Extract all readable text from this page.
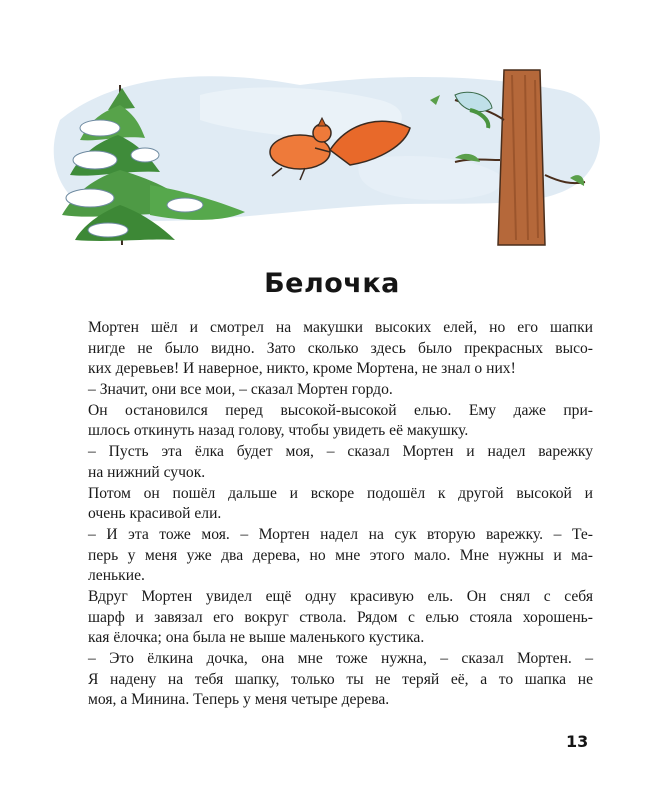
Белочка
Мортен шёл и смотрел на макушки высоких елей, но его шапки
нигде не было видно. Зато сколько здесь было прекрасных высо-
ких деревьев! И наверное, никто, кроме Мортена, не знал о них!
– Значит, они все мои, – сказал Мортен гордо.
Он остановился перед высокой-высокой елью. Ему даже при-
шлось откинуть назад голову, чтобы увидеть её макушку.
– Пусть эта ёлка будет моя, – сказал Мортен и надел варежку
на нижний сучок.
Потом он пошёл дальше и вскоре подошёл к другой высокой и
очень красивой ели.
– И эта тоже моя. – Мортен надел на сук вторую варежку. – Те-
перь у меня уже два дерева, но мне этого мало. Мне нужны и ма-
ленькие.
Вдруг Мортен увидел ещё одну красивую ель. Он снял с себя
шарф и завязал его вокруг ствола. Рядом с елью стояла хорошень-
кая ёлочка; она была не выше маленького кустика.
– Это ёлкина дочка, она мне тоже нужна, – сказал Мортен. –
Я надену на тебя шапку, только ты не теряй её, а то шапка не
моя, а Минина. Теперь у меня четыре дерева.
13
